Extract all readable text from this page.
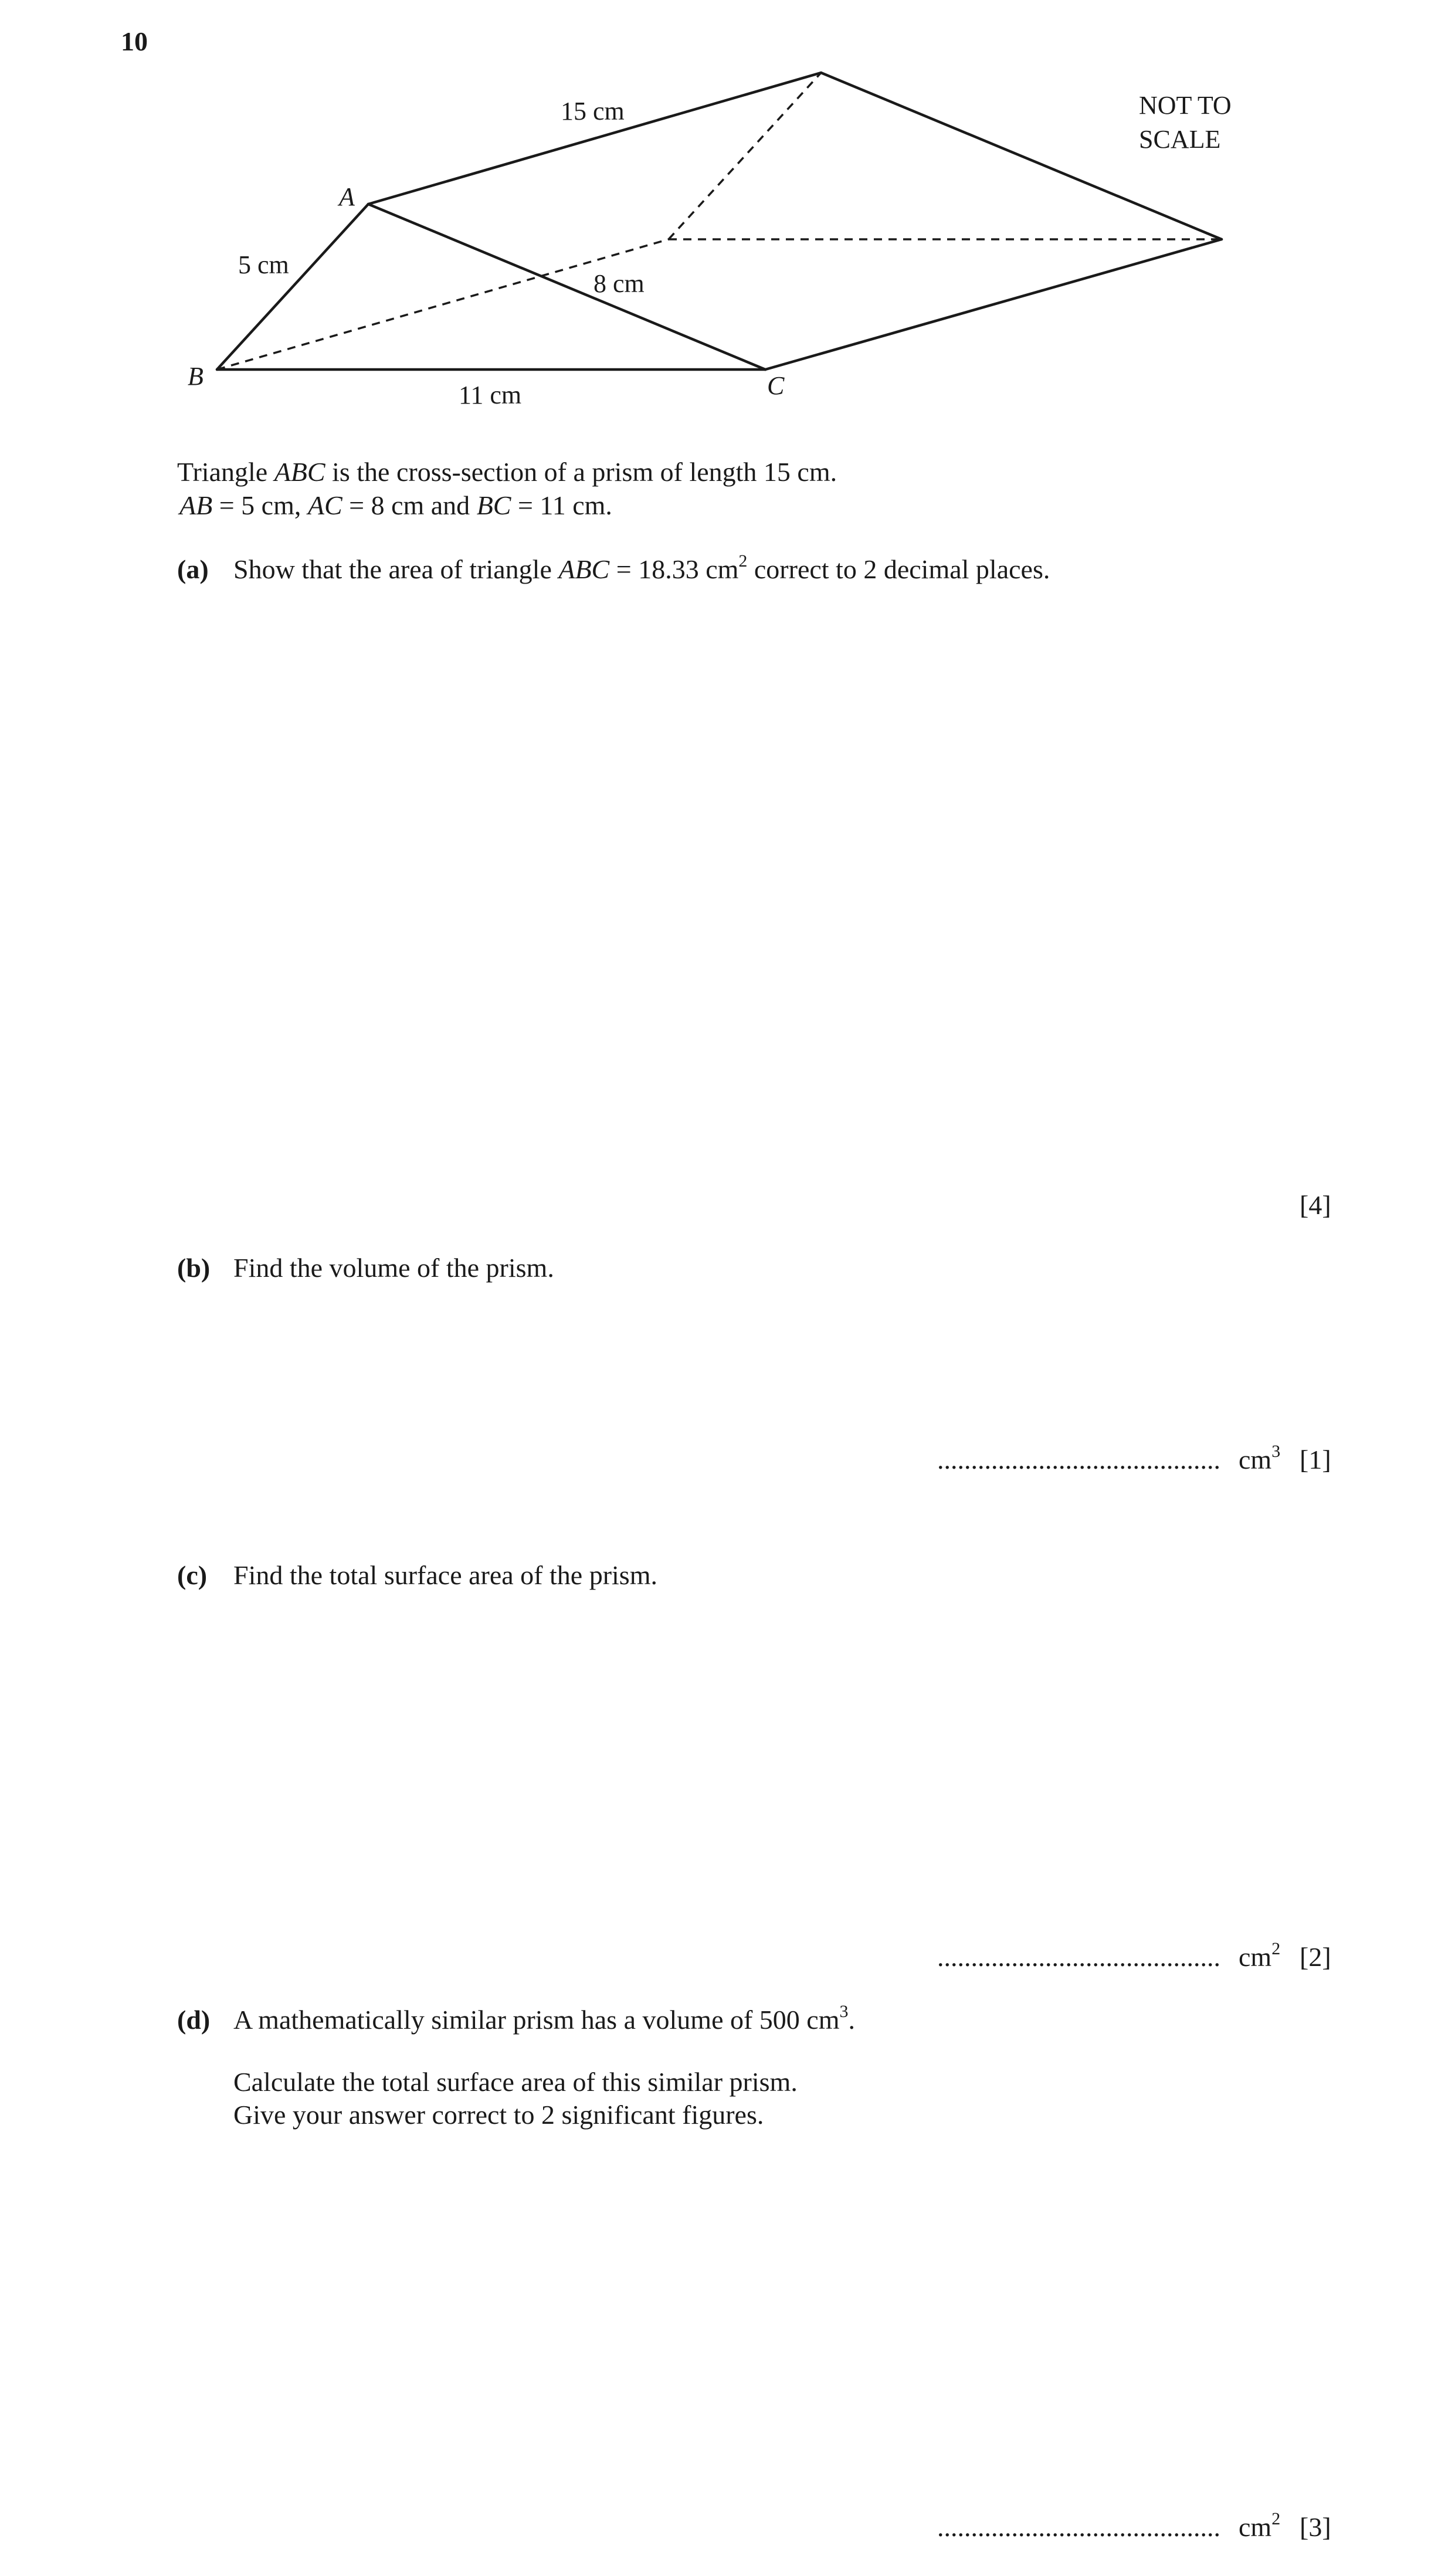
10
NOT TO
SCALE
A
B	C
15 cm
5 cm
8 cm
11 cm
Triangle ABC is the cross-section of a prism of length 15 cm.
AB = 5 cm, AC = 8 cm and BC = 11 cm.
(a) Show that the area of triangle ABC = 18.33 $cm^2$ correct to 2 decimal places.
[4]
(b) Find the volume of the prism.
.......................................... $cm^3$ [1]
(c) Find the total surface area of the prism.
.......................................... $cm^2$ [2]
(d) A mathematically similar prism has a volume of 500 $cm^3$.
Calculate the total surface area of this similar prism.
Give your answer correct to 2 significant figures.
.......................................... $cm^2$ [3]
